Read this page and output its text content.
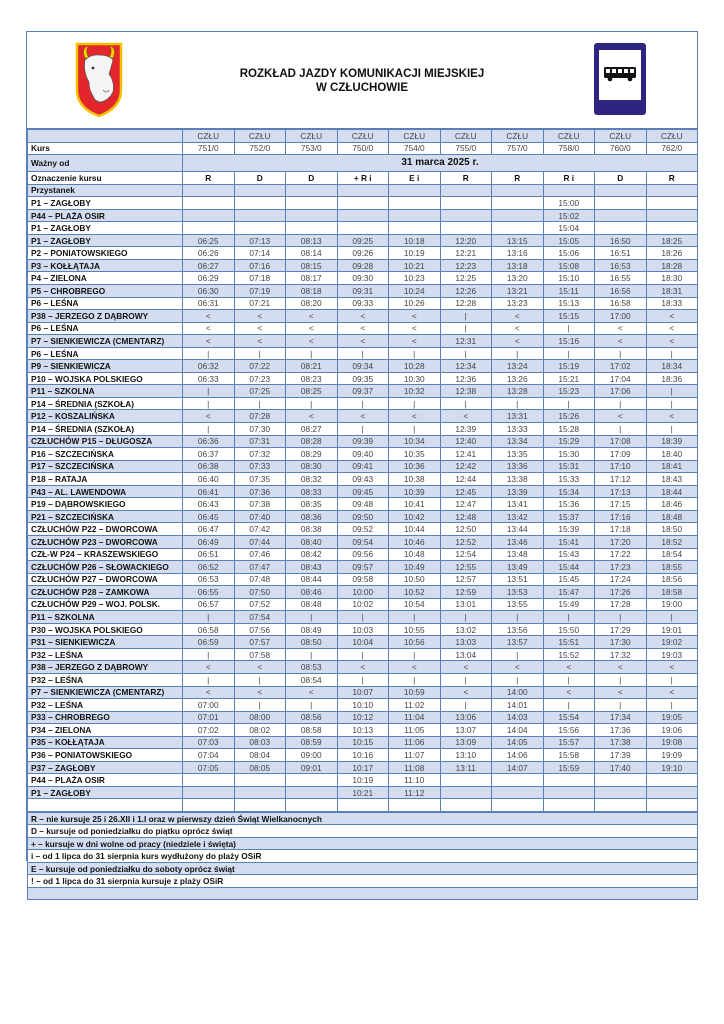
ROZKŁAD JAZDY KOMUNIKACJI MIEJSKIEJ
W CZŁUCHOWIE
	CZŁU	CZŁU	CZŁU	CZŁU	CZŁU	CZŁU	CZŁU	CZŁU	CZŁU	CZŁU
Kurs	751/0	752/0	753/0	750/0	754/0	755/0	757/0	758/0	760/0	762/0
Ważny od	31 marca 2025 r.									
Oznaczenie kursu	R	D	D	+ R i	E i	R	R	R i	D	R
Przystanek										
P1 – ZAGŁOBY								15:00		
P44 – PLAŻA OSIR								15:02		
P1 – ZAGŁOBY								15:04		
P1 – ZAGŁOBY	06:25	07:13	08:13	09:25	10:18	12:20	13:15	15:05	16:50	18:25
P2 – PONIATOWSKIEGO	06:26	07:14	08:14	09:26	10:19	12:21	13:16	15:06	16:51	18:26
P3 – KOŁŁĄTAJA	06:27	07:16	08:15	09:28	10:21	12:23	13:18	15:08	16:53	18:28
P4 – ZIELONA	06:29	07:18	08:17	09:30	10:23	12:25	13:20	15:10	16:55	18:30
P5 – CHROBREGO	06:30	07:19	08:18	09:31	10:24	12:26	13:21	15:11	16:56	18:31
P6 – LEŚNA	06:31	07:21	08:20	09:33	10:26	12:28	13:23	15:13	16:58	18:33
P38 – JERZEGO Z DĄBROWY	<	<	<	<	<	|	<	15:15	17:00	<
P6 – LEŚNA	<	<	<	<	<	|	<	|	<	<
P7 – SIENKIEWICZA (CMENTARZ)	<	<	<	<	<	12:31	<	15:16	<	<
P6 – LEŚNA	|	|	|	|	|	|	|	|	|	|
P9 – SIENKIEWICZA	06:32	07:22	08:21	09:34	10:28	12:34	13:24	15:19	17:02	18:34
P10 – WOJSKA POLSKIEGO	06:33	07:23	08:23	09:35	10:30	12:36	13:26	15:21	17:04	18:36
P11 – SZKOLNA	|	07:25	08:25	09:37	10:32	12:38	13:28	15:23	17:06	|
P14 – ŚREDNIA (SZKOŁA)	|	|	|	|	|	|	|	|	|	|
P12 – KOSZALIŃSKA	<	07:28	<	<	<	<	13:31	15:26	<	<
P14 – ŚREDNIA (SZKOŁA)	|	07:30	08:27	|	|	12:39	13:33	15:28	|	|
CZŁUCHÓW P15 – DŁUGOSZA	06:36	07:31	08:28	09:39	10:34	12:40	13:34	15:29	17:08	18:39
P16 – SZCZECIŃSKA	06:37	07:32	08:29	09:40	10:35	12:41	13:35	15:30	17:09	18:40
P17 – SZCZECIŃSKA	06:38	07:33	08:30	09:41	10:36	12:42	13:36	15:31	17:10	18:41
P18 – RATAJA	06:40	07:35	08:32	09:43	10:38	12:44	13:38	15:33	17:12	18:43
P43 – AL. LAWENDOWA	06:41	07:36	08:33	09:45	10:39	12:45	13:39	15:34	17:13	18:44
P19 – DĄBROWSKIEGO	06:43	07:38	08:35	09:48	10:41	12:47	13:41	15:36	17:15	18:46
P21 – SZCZECIŃSKA	06:45	07:40	08:36	09:50	10:42	12:48	13:42	15:37	17:16	18:48
CZŁUCHÓW P22 – DWORCOWA	06:47	07:42	08:38	09:52	10:44	12:50	13:44	15:39	17:18	18:50
CZŁUCHÓW P23 – DWORCOWA	06:49	07:44	08:40	09:54	10:46	12:52	13:46	15:41	17:20	18:52
CZŁ-W P24 – KRASZEWSKIEGO	06:51	07:46	08:42	09:56	10:48	12:54	13:48	15:43	17:22	18:54
CZŁUCHÓW P26 – SŁOWACKIEGO	06:52	07:47	08:43	09:57	10:49	12:55	13:49	15:44	17:23	18:55
CZŁUCHÓW P27 – DWORCOWA	06:53	07:48	08:44	09:58	10:50	12:57	13:51	15:45	17:24	18:56
CZŁUCHÓW P28 – ZAMKOWA	06:55	07:50	08:46	10:00	10:52	12:59	13:53	15:47	17:26	18:58
CZŁUCHÓW P29 – WOJ. POLSK.	06:57	07:52	08:48	10:02	10:54	13:01	13:55	15:49	17:28	19:00
P11 – SZKOLNA	|	07:54	|	|	|	|	|	|	|	|
P30 – WOJSKA POLSKIEGO	06:58	07:56	08:49	10:03	10:55	13:02	13:56	15:50	17:29	19:01
P31 – SIENKIEWICZA	06:59	07:57	08:50	10:04	10:56	13:03	13:57	15:51	17:30	19:02
P32 – LEŚNA	|	07:58	|	|	|	13:04	|	15:52	17:32	19:03
P38 – JERZEGO Z DĄBROWY	<	<	08:53	<	<	<	<	<	<	<
P32 – LEŚNA	|	|	08:54	|	|	|	|	|	|	|
P7 – SIENKIEWICZA (CMENTARZ)	<	<	<	10:07	10:59	<	14:00	<	<	<
P32 – LEŚNA	07:00	|	|	10:10	11:02	|	14:01	|	|	|
P33 – CHROBREGO	07:01	08:00	08:56	10:12	11:04	13:06	14:03	15:54	17:34	19:05
P34 – ZIELONA	07:02	08:02	08:58	10:13	11:05	13:07	14:04	15:56	17:36	19:06
P35 – KOŁŁĄTAJA	07:03	08:03	08:59	10:15	11:06	13:09	14:05	15:57	17:38	19:08
P36 – PONIATOWSKIEGO	07:04	08:04	09:00	10:16	11:07	13:10	14:06	15:58	17:39	19:09
P37 – ZAGŁOBY	07:05	08:05	09:01	10:17	11:08	13:11	14:07	15:59	17:40	19:10
P44 – PLAŻA OSIR				10:19	11:10					
P1 – ZAGŁOBY				10:21	11:12					

R – nie kursuje 25 i 26.XII i 1.I oraz w pierwszy dzień Świąt Wielkanocnych
D – kursuje od poniedziałku do piątku oprócz świąt
+ – kursuje w dni wolne od pracy (niedziele i święta)
i – od 1 lipca do 31 sierpnia kurs wydłużony do plaży OSiR
E – kursuje od poniedziałku do soboty oprócz świąt
! – od 1 lipca do 31 sierpnia kursuje z plaży OSiR
